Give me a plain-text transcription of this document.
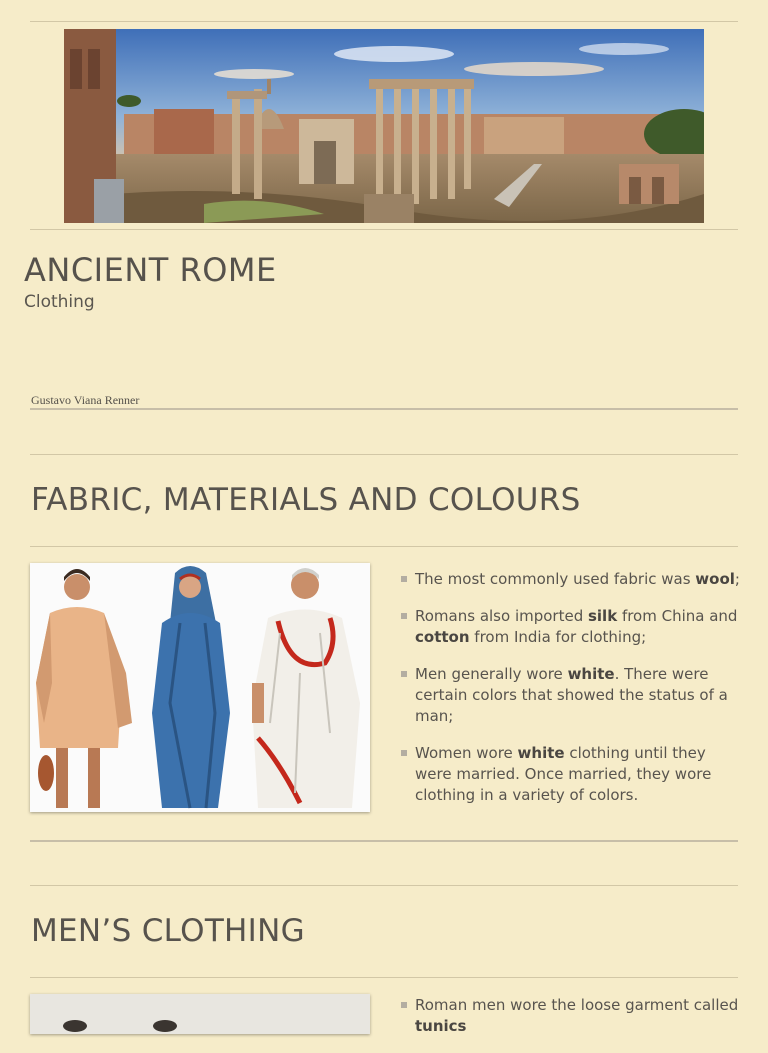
ANCIENT ROME

Clothing

Gustavo Viana Renner
FABRIC, MATERIALS AND COLOURS
The most commonly used fabric was wool;
Romans also imported silk from China and cotton from India for clothing;
Men generally wore white. There were certain colors that showed the status of a man;
Women wore white clothing until they were married. Once married, they wore clothing in a variety of colors.
MEN’S CLOTHING
Roman men wore the loose garment called tunics
